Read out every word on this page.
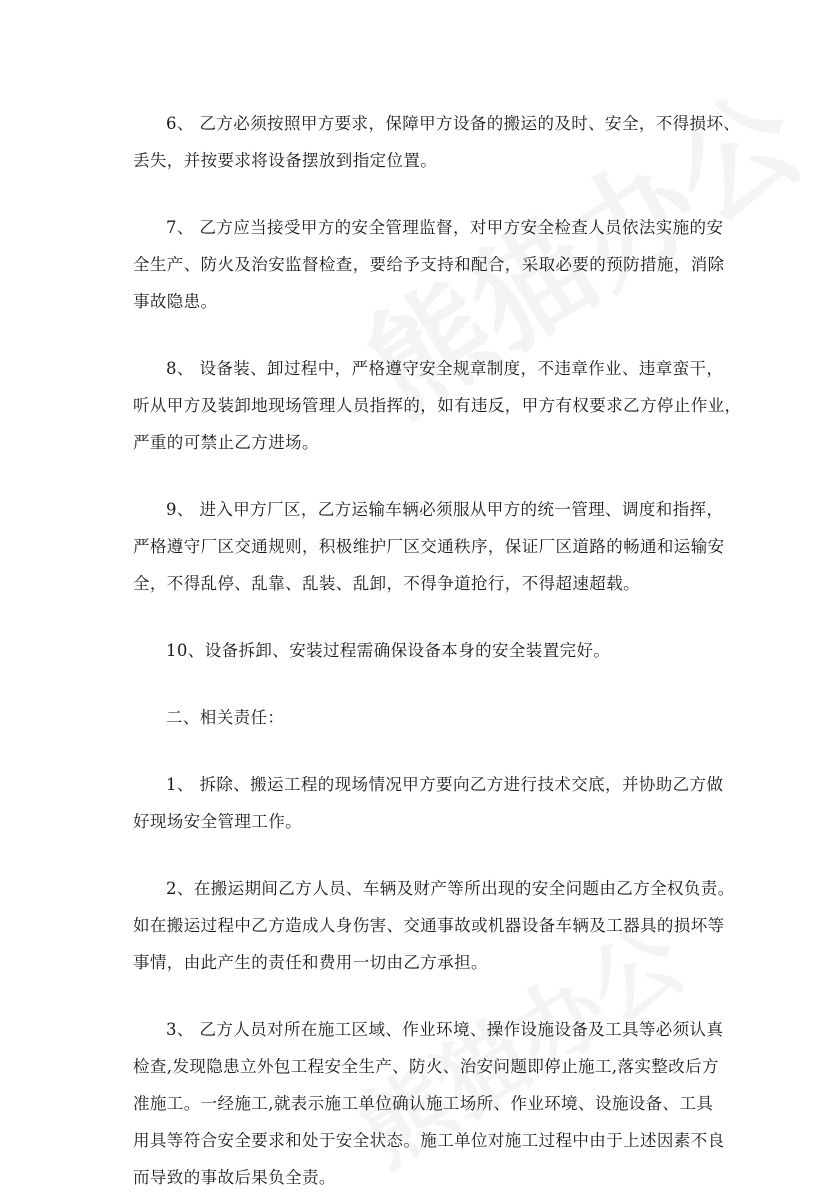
6、 乙方必须按照甲方要求，保障甲方设备的搬运的及时、安全，不得损坏、
丢失，并按要求将设备摆放到指定位置。

7、 乙方应当接受甲方的安全管理监督，对甲方安全检查人员依法实施的安
全生产、防火及治安监督检查，要给予支持和配合，采取必要的预防措施，消除
事故隐患。

8、 设备装、卸过程中，严格遵守安全规章制度，不违章作业、违章蛮干，
听从甲方及装卸地现场管理人员指挥的，如有违反，甲方有权要求乙方停止作业，
严重的可禁止乙方进场。

9、 进入甲方厂区，乙方运输车辆必须服从甲方的统一管理、调度和指挥，
严格遵守厂区交通规则，积极维护厂区交通秩序，保证厂区道路的畅通和运输安
全，不得乱停、乱靠、乱装、乱卸，不得争道抢行，不得超速超载。

10、设备拆卸、安装过程需确保设备本身的安全装置完好。

二、相关责任：

1、 拆除、搬运工程的现场情况甲方要向乙方进行技术交底，并协助乙方做
好现场安全管理工作。

2、在搬运期间乙方人员、车辆及财产等所出现的安全问题由乙方全权负责。
如在搬运过程中乙方造成人身伤害、交通事故或机器设备车辆及工器具的损坏等
事情，由此产生的责任和费用一切由乙方承担。

3、 乙方人员对所在施工区域、作业环境、操作设施设备及工具等必须认真
检查,发现隐患立外包工程安全生产、防火、治安问题即停止施工,落实整改后方
准施工。一经施工,就表示施工单位确认施工场所、作业环境、设施设备、工具
用具等符合安全要求和处于安全状态。施工单位对施工过程中由于上述因素不良
而导致的事故后果负全责。
